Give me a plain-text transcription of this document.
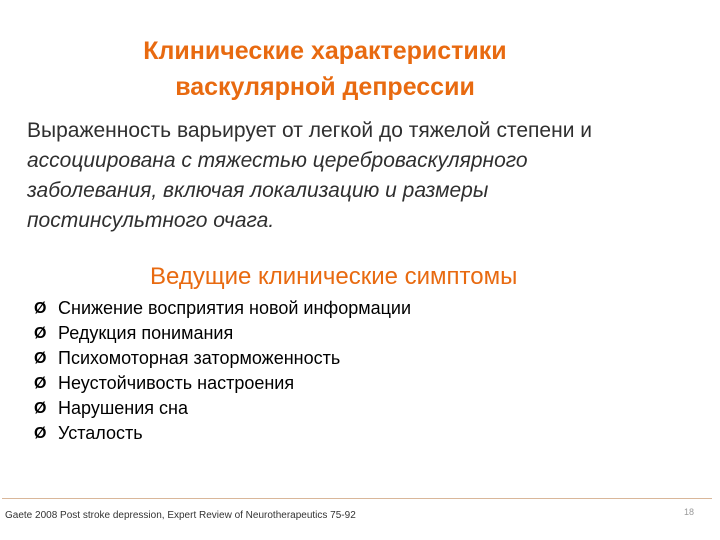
Клинические характеристики
васкулярной депрессии
Выраженность варьирует от легкой до тяжелой степени и
ассоциирована с тяжестью цереброваскулярного
заболевания, включая локализацию и размеры
постинсультного очага.
Ведущие клинические симптомы
Ø Снижение восприятия новой информации
Ø Редукция понимания
Ø Психомоторная заторможенность
Ø Неустойчивость настроения
Ø Нарушения сна
Ø Усталость
Gaete 2008 Post stroke depression, Expert Review of Neurotherapeutics 75-92	18
